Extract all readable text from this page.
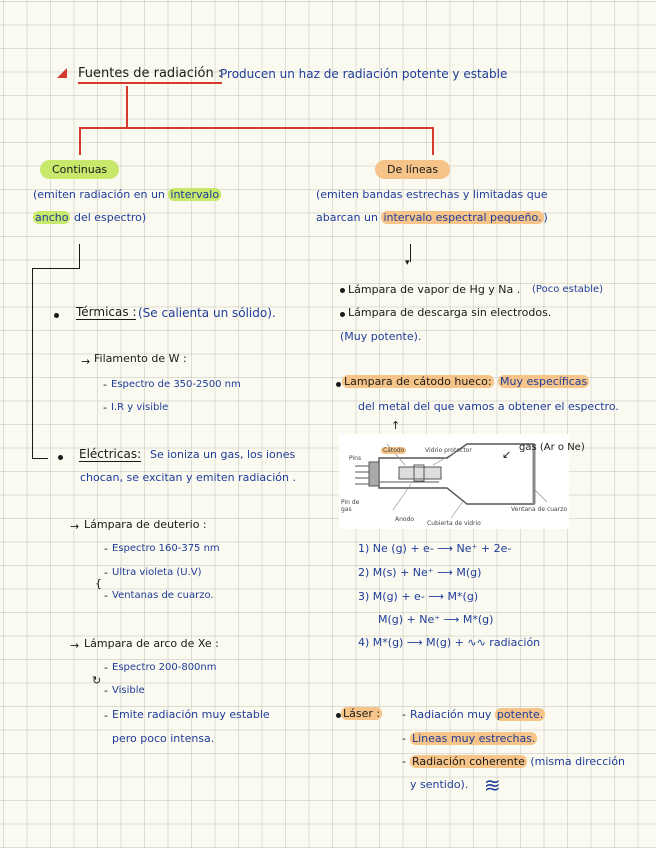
Fuentes de radiación :
Producen un haz de radiación potente y estable
Continuas
(emiten radiación en un intervalo
ancho del espectro)
De líneas
(emiten bandas estrechas y limitadas que
abarcan un intervalo espectral pequeño. )
Térmicas : (Se calienta un sólido).
→ Filamento de W :
Espectro de 350-2500 nm
I.R y visible
-
-
Eléctricas: Se ioniza un gas, los iones
chocan, se excitan y emiten radiación .
→ Lámpara de deuterio :
- Espectro 160-375 nm
- Ultra violeta (U.V)
{
- Ventanas de cuarzo.
→ Lámpara de arco de Xe :
- Espectro 200-800nm
↻
- Visible
- Emite radiación muy estable
pero poco intensa.
▾
Lámpara de vapor de Hg y Na . (Poco estable)
Lámpara de descarga sin electrodos.
(Muy potente).
Lampara de cátodo hueco: Muy específicas
del metal del que vamos a obtener el espectro.
↑
Cátodo	Vidrio protector
Pins
Pin de gas
Anodo
Cubierta de vidrio
Ventana de cuarzo
↙
gas (Ar o Ne)
1) Ne (g) + e- ⟶ Ne⁺ + 2e-
2) M(s) + Ne⁺ ⟶ M(g)
3) M(g) + e- ⟶ M*(g)
M(g) + Ne⁺ ⟶ M*(g)
4) M*(g) ⟶ M(g) + ∿∿ radiación
Láser : - Radiación muy potente.
- Lineas muy estrechas.
- Radiación coherente (misma dirección
y sentido). ≋
